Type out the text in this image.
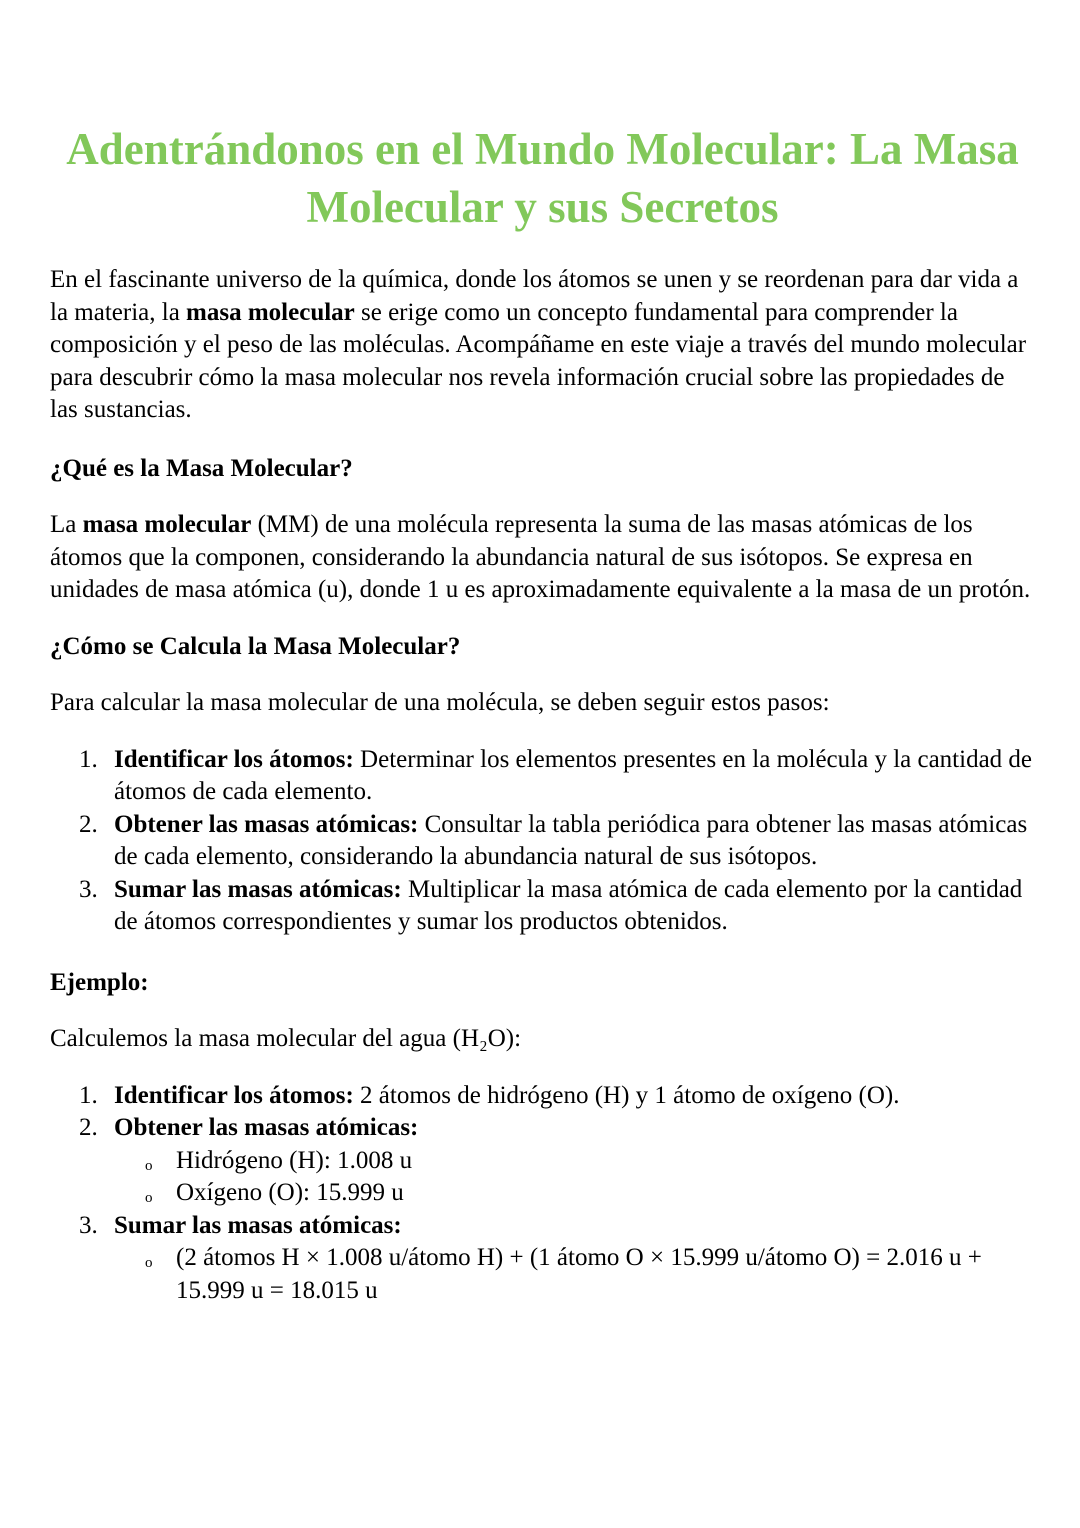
Adentrándonos en el Mundo Molecular: La Masa Molecular y sus Secretos

En el fascinante universo de la química, donde los átomos se unen y se reordenan para dar vida a la materia, la masa molecular se erige como un concepto fundamental para comprender la composición y el peso de las moléculas. Acompáñame en este viaje a través del mundo molecular para descubrir cómo la masa molecular nos revela información crucial sobre las propiedades de las sustancias.

¿Qué es la Masa Molecular?

La masa molecular (MM) de una molécula representa la suma de las masas atómicas de los átomos que la componen, considerando la abundancia natural de sus isótopos. Se expresa en unidades de masa atómica (u), donde 1 u es aproximadamente equivalente a la masa de un protón.

¿Cómo se Calcula la Masa Molecular?

Para calcular la masa molecular de una molécula, se deben seguir estos pasos:

1. Identificar los átomos: Determinar los elementos presentes en la molécula y la cantidad de átomos de cada elemento.
2. Obtener las masas atómicas: Consultar la tabla periódica para obtener las masas atómicas de cada elemento, considerando la abundancia natural de sus isótopos.
3. Sumar las masas atómicas: Multiplicar la masa atómica de cada elemento por la cantidad de átomos correspondientes y sumar los productos obtenidos.

Ejemplo:

Calculemos la masa molecular del agua (H₂O):

1. Identificar los átomos: 2 átomos de hidrógeno (H) y 1 átomo de oxígeno (O).
2. Obtener las masas atómicas:
o Hidrógeno (H): 1.008 u
o Oxígeno (O): 15.999 u
3. Sumar las masas atómicas:
o (2 átomos H × 1.008 u/átomo H) + (1 átomo O × 15.999 u/átomo O) = 2.016 u + 15.999 u = 18.015 u
